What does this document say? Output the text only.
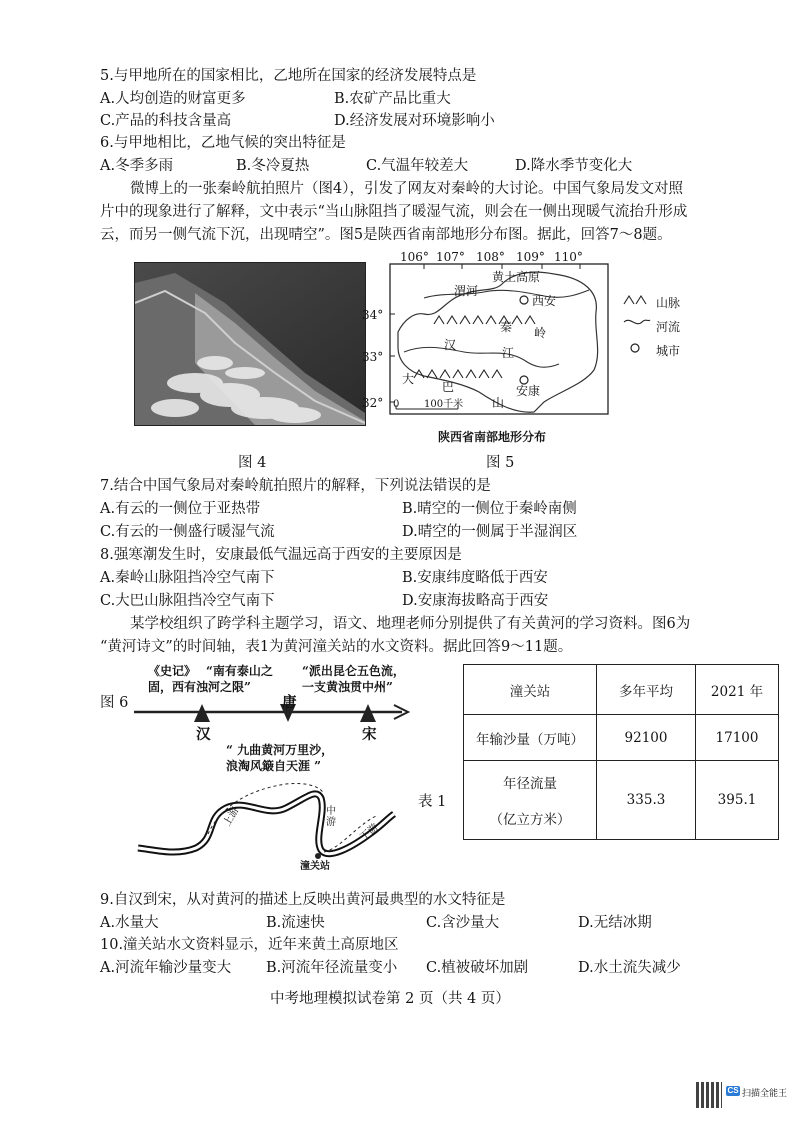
5.与甲地所在的国家相比，乙地所在国家的经济发展特点是
A.人均创造的财富更多	B.农矿产品比重大
C.产品的科技含量高	D.经济发展对环境影响小
6.与甲地相比，乙地气候的突出特征是
A.冬季多雨	B.冬冷夏热	C.气温年较差大	D.降水季节变化大
微博上的一张秦岭航拍照片（图4），引发了网友对秦岭的大讨论。中国气象局发文对照
片中的现象进行了解释，文中表示“当山脉阻挡了暖湿气流，则会在一侧出现暖气流抬升形成
云，而另一侧气流下沉，出现晴空”。图5是陕西省南部地形分布图。据此，回答7～8题。
106° 107° 108° 109° 110°
34°
33°
32°
黄土高原
渭河
西安
汉
江
秦 岭
大
巴
山
安康
0 100千米
陕西省南部地形分布
山脉
河流
城市
图 4	图 5
7.结合中国气象局对秦岭航拍照片的解释，下列说法错误的是
A.有云的一侧位于亚热带	B.晴空的一侧位于秦岭南侧
C.有云的一侧盛行暖湿气流	D.晴空的一侧属于半湿润区
8.强寒潮发生时，安康最低气温远高于西安的主要原因是
A.秦岭山脉阻挡冷空气南下	B.安康纬度略低于西安
C.大巴山脉阻挡冷空气南下	D.安康海拔略高于西安
某学校组织了跨学科主题学习，语文、地理老师分别提供了有关黄河的学习资料。图6为
“黄河诗文”的时间轴，表1为黄河潼关站的水文资料。据此回答9～11题。
图 6
《史记》 “南有泰山之
固，西有浊河之限”
“派出昆仑五色流，
一支黄浊贯中州”
汉
唐
宋
“ 九曲黄河万里沙，
浪淘风簸自天涯 ”
上游	中游 下游
潼关站
表 1
潼关站	多年平均	2021 年
年输沙量（万吨）	92100	17100

年径流量
（亿立方米）	335.3	395.1
9.自汉到宋，从对黄河的描述上反映出黄河最典型的水文特征是
A.水量大	B.流速快	C.含沙量大	D.无结冰期
10.潼关站水文资料显示，近年来黄土高原地区
A.河流年输沙量变大 B.河流年径流量变小 C.植被破坏加剧	D.水土流失减少
中考地理模拟试卷第 2 页（共 4 页）
CS 扫描全能王
